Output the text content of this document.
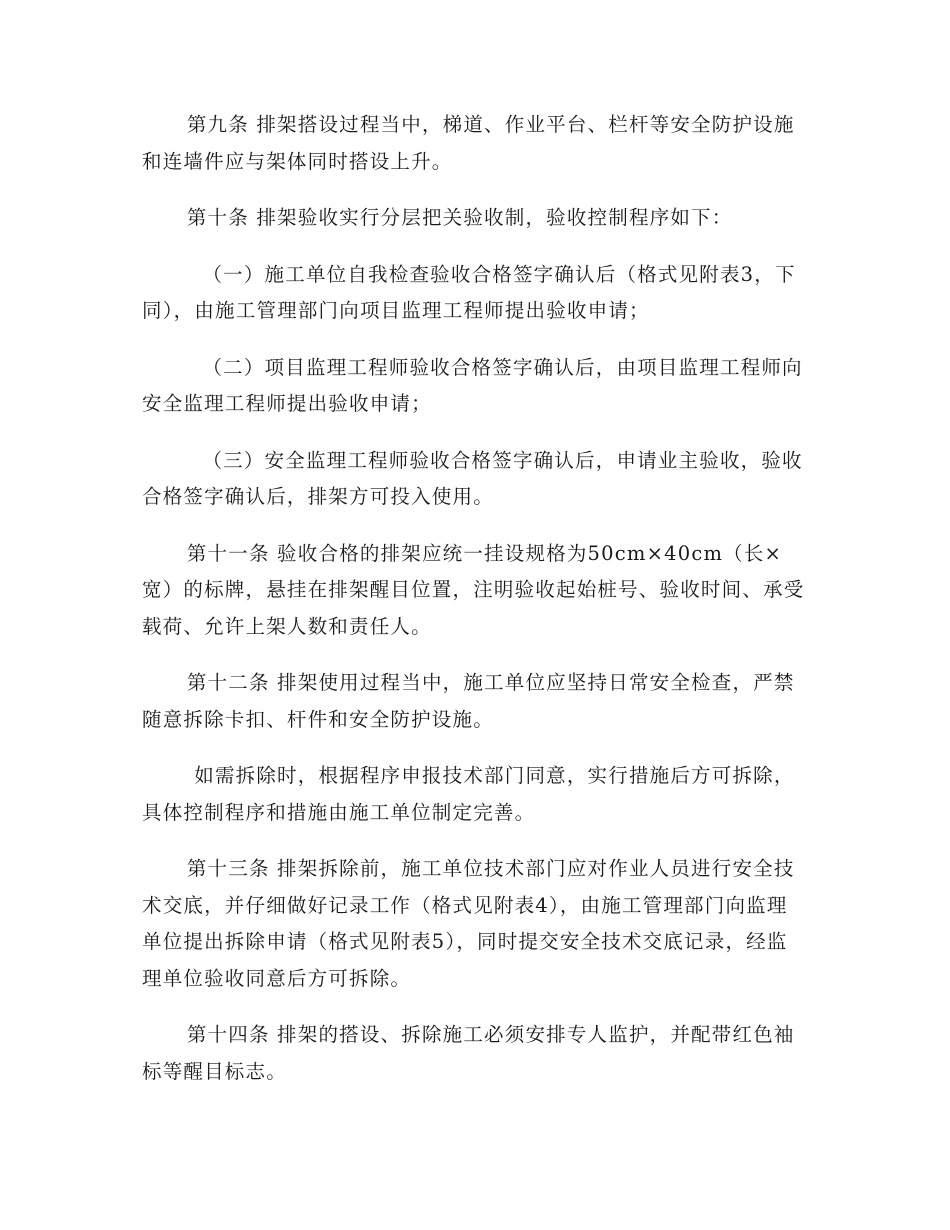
第九条 排架搭设过程当中，梯道、作业平台、栏杆等安全防护设施和连墙件应与架体同时搭设上升。

第十条 排架验收实行分层把关验收制，验收控制程序如下：

（一）施工单位自我检查验收合格签字确认后（格式见附表3，下同），由施工管理部门向项目监理工程师提出验收申请；

（二）项目监理工程师验收合格签字确认后，由项目监理工程师向安全监理工程师提出验收申请；

（三）安全监理工程师验收合格签字确认后，申请业主验收，验收合格签字确认后，排架方可投入使用。

第十一条 验收合格的排架应统一挂设规格为50cm×40cm（长×宽）的标牌，悬挂在排架醒目位置，注明验收起始桩号、验收时间、承受载荷、允许上架人数和责任人。

第十二条 排架使用过程当中，施工单位应坚持日常安全检查，严禁随意拆除卡扣、杆件和安全防护设施。

如需拆除时，根据程序申报技术部门同意，实行措施后方可拆除，具体控制程序和措施由施工单位制定完善。

第十三条 排架拆除前，施工单位技术部门应对作业人员进行安全技术交底，并仔细做好记录工作（格式见附表4），由施工管理部门向监理单位提出拆除申请（格式见附表5），同时提交安全技术交底记录，经监理单位验收同意后方可拆除。

第十四条 排架的搭设、拆除施工必须安排专人监护，并配带红色袖标等醒目标志。
